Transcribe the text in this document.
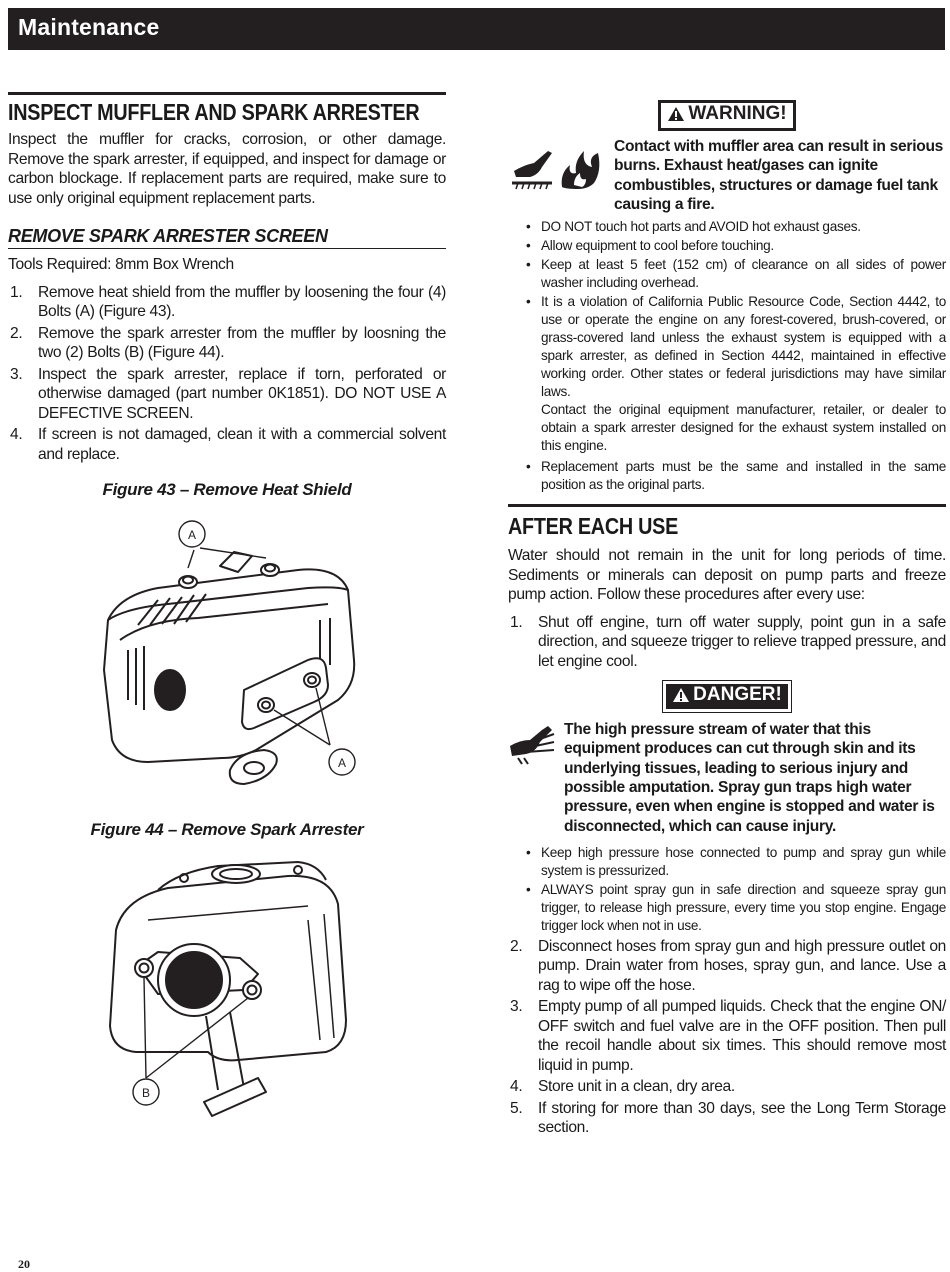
Maintenance
INSPECT MUFFLER AND SPARK ARRESTER
Inspect the muffler for cracks, corrosion, or other damage. Remove the spark arrester, if equipped, and inspect for damage or carbon blockage. If replacement parts are required, make sure to use only original equipment replacement parts.
REMOVE SPARK ARRESTER SCREEN
Tools Required: 8mm Box Wrench
1. Remove heat shield from the muffler by loosening the four (4) Bolts (A) (Figure 43).
2. Remove the spark arrester from the muffler by loosning the two (2) Bolts (B) (Figure 44).
3. Inspect the spark arrester, replace if torn, perforated or otherwise damaged (part number 0K1851). DO NOT USE A DEFECTIVE SCREEN.
4. If screen is not damaged, clean it with a commercial solvent and replace.
Figure 43 – Remove Heat Shield
A
A
Figure 44 – Remove Spark Arrester
B
WARNING!
Contact with muffler area can result in serious burns. Exhaust heat/gases can ignite combustibles, structures or damage fuel tank causing a fire.
• DO NOT touch hot parts and AVOID hot exhaust gases.
• Allow equipment to cool before touching.
• Keep at least 5 feet (152 cm) of clearance on all sides of power washer including overhead.
• It is a violation of California Public Resource Code, Section 4442, to use or operate the engine on any forest-covered, brush-covered, or grass-covered land unless the exhaust system is equipped with a spark arrester, as defined in Section 4442, maintained in effective working order. Other states or federal jurisdictions may have similar laws.
Contact the original equipment manufacturer, retailer, or dealer to obtain a spark arrester designed for the exhaust system installed on this engine.
• Replacement parts must be the same and installed in the same position as the original parts.
AFTER EACH USE
Water should not remain in the unit for long periods of time. Sediments or minerals can deposit on pump parts and freeze pump action. Follow these procedures after every use:
1. Shut off engine, turn off water supply, point gun in a safe direction, and squeeze trigger to relieve trapped pressure, and let engine cool.
DANGER!
The high pressure stream of water that this equipment produces can cut through skin and its underlying tissues, leading to serious injury and possible amputation. Spray gun traps high water pressure, even when engine is stopped and water is disconnected, which can cause injury.
• Keep high pressure hose connected to pump and spray gun while system is pressurized.
• ALWAYS point spray gun in safe direction and squeeze spray gun trigger, to release high pressure, every time you stop engine. Engage trigger lock when not in use.
2. Disconnect hoses from spray gun and high pressure outlet on pump. Drain water from hoses, spray gun, and lance. Use a rag to wipe off the hose.
3. Empty pump of all pumped liquids. Check that the engine ON/ OFF switch and fuel valve are in the OFF position. Then pull the recoil handle about six times. This should remove most liquid in pump.
4. Store unit in a clean, dry area.
5. If storing for more than 30 days, see the Long Term Storage section.
20
